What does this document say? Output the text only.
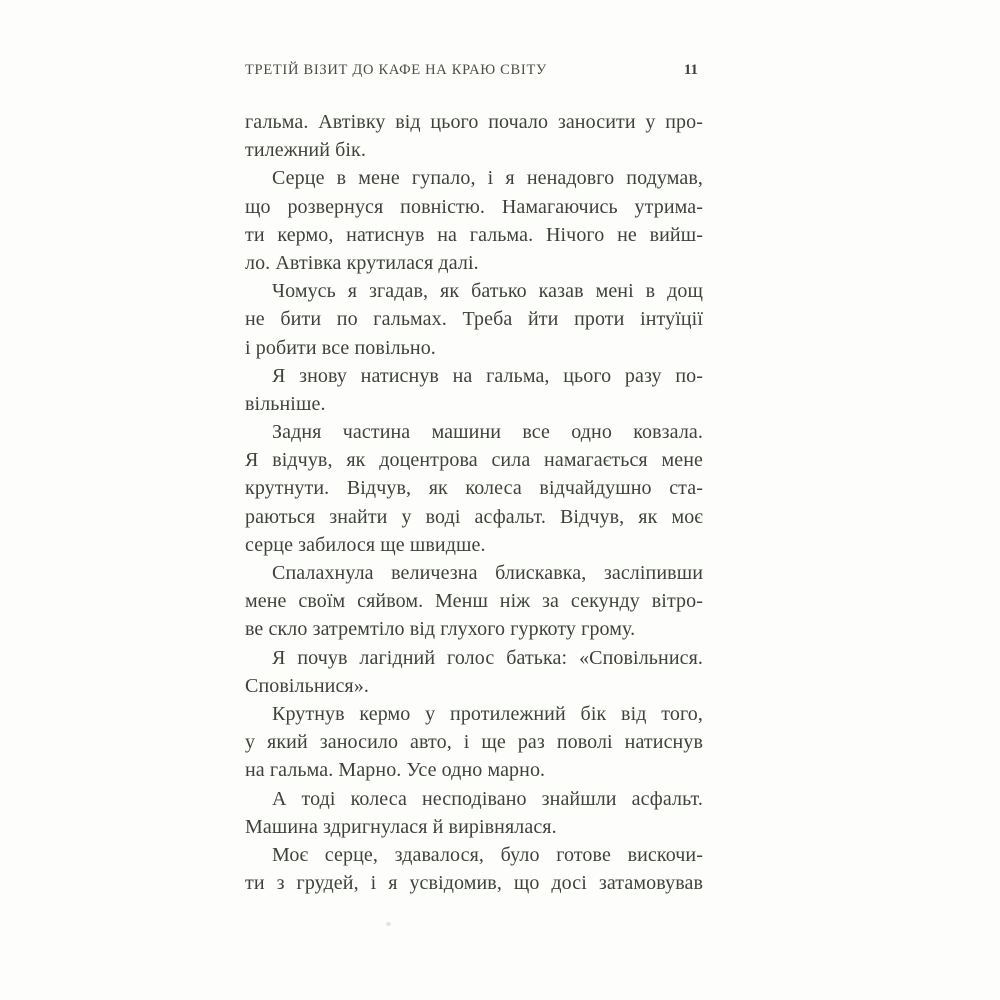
ТРЕТІЙ ВІЗИТ ДО КАФЕ НА КРАЮ СВІТУ	11
гальма. Автівку від цього почало заносити у про-
тилежний бік.
Серце в мене гупало, і я ненадовго подумав,
що розвернуся повністю. Намагаючись утрима-
ти кермо, натиснув на гальма. Нічого не вийш-
ло. Автівка крутилася далі.
Чомусь я згадав, як батько казав мені в дощ
не бити по гальмах. Треба йти проти інтуїції
і робити все повільно.
Я знову натиснув на гальма, цього разу по-
вільніше.
Задня частина машини все одно ковзала.
Я відчув, як доцентрова сила намагається мене
крутнути. Відчув, як колеса відчайдушно ста-
раються знайти у воді асфальт. Відчув, як моє
серце забилося ще швидше.
Спалахнула величезна блискавка, засліпивши
мене своїм сяйвом. Менш ніж за секунду вітро-
ве скло затремтіло від глухого гуркоту грому.
Я почув лагідний голос батька: «Сповільнися.
Сповільнися».
Крутнув кермо у протилежний бік від того,
у який заносило авто, і ще раз поволі натиснув
на гальма. Марно. Усе одно марно.
А тоді колеса несподівано знайшли асфальт.
Машина здригнулася й вирівнялася.
Моє серце, здавалося, було готове вискочи-
ти з грудей, і я усвідомив, що досі затамовував
